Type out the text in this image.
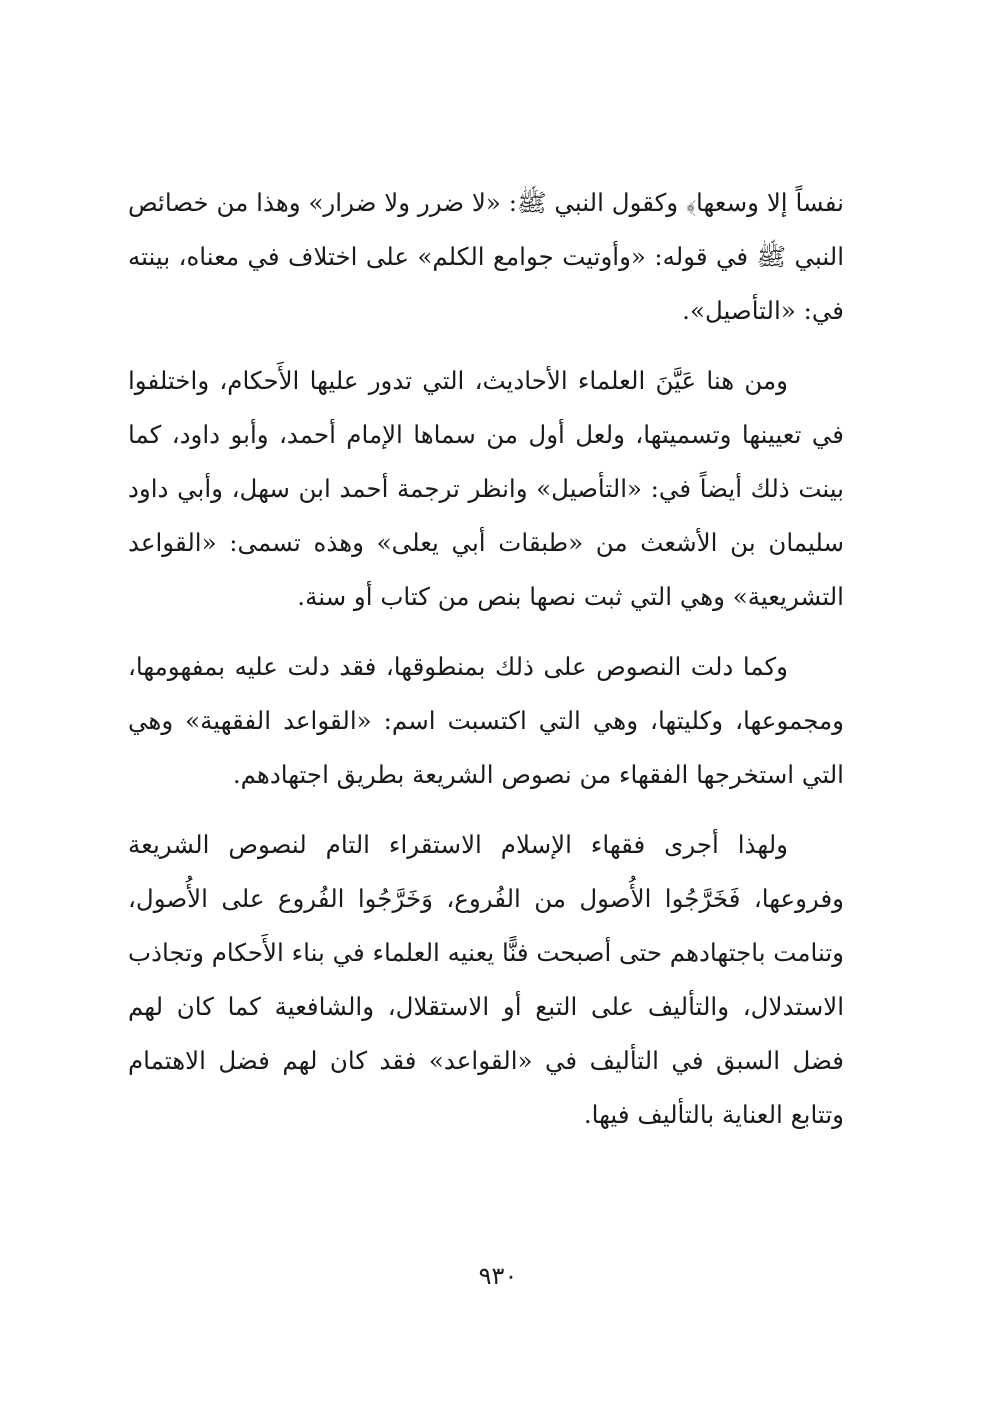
نفساً إلا وسعها﴾ وكقول النبي ﷺ: «لا ضرر ولا ضرار» وهذا من خصائص النبي ﷺ في قوله: «وأوتيت جوامع الكلم» على اختلاف في معناه، بينته في: «التأصيل».

ومن هنا عَيَّنَ العلماء الأحاديث، التي تدور عليها الأَحكام، واختلفوا في تعيينها وتسميتها، ولعل أول من سماها الإمام أحمد، وأبو داود، كما بينت ذلك أيضاً في: «التأصيل» وانظر ترجمة أحمد ابن سهل، وأبي داود سليمان بن الأشعث من «طبقات أبي يعلى» وهذه تسمى: «القواعد التشريعية» وهي التي ثبت نصها بنص من كتاب أو سنة.

وكما دلت النصوص على ذلك بمنطوقها، فقد دلت عليه بمفهومها، ومجموعها، وكليتها، وهي التي اكتسبت اسم: «القواعد الفقهية» وهي التي استخرجها الفقهاء من نصوص الشريعة بطريق اجتهادهم.

ولهذا أجرى فقهاء الإسلام الاستقراء التام لنصوص الشريعة وفروعها، فَخَرَّجُوا الأُصول من الفُروع، وَخَرَّجُوا الفُروع على الأُصول، وتنامت باجتهادهم حتى أصبحت فنًّا يعنيه العلماء في بناء الأَحكام وتجاذب الاستدلال، والتأليف على التبع أو الاستقلال، والشافعية كما كان لهم فضل السبق في التأليف في «القواعد» فقد كان لهم فضل الاهتمام وتتابع العناية بالتأليف فيها.

٩٣٠
